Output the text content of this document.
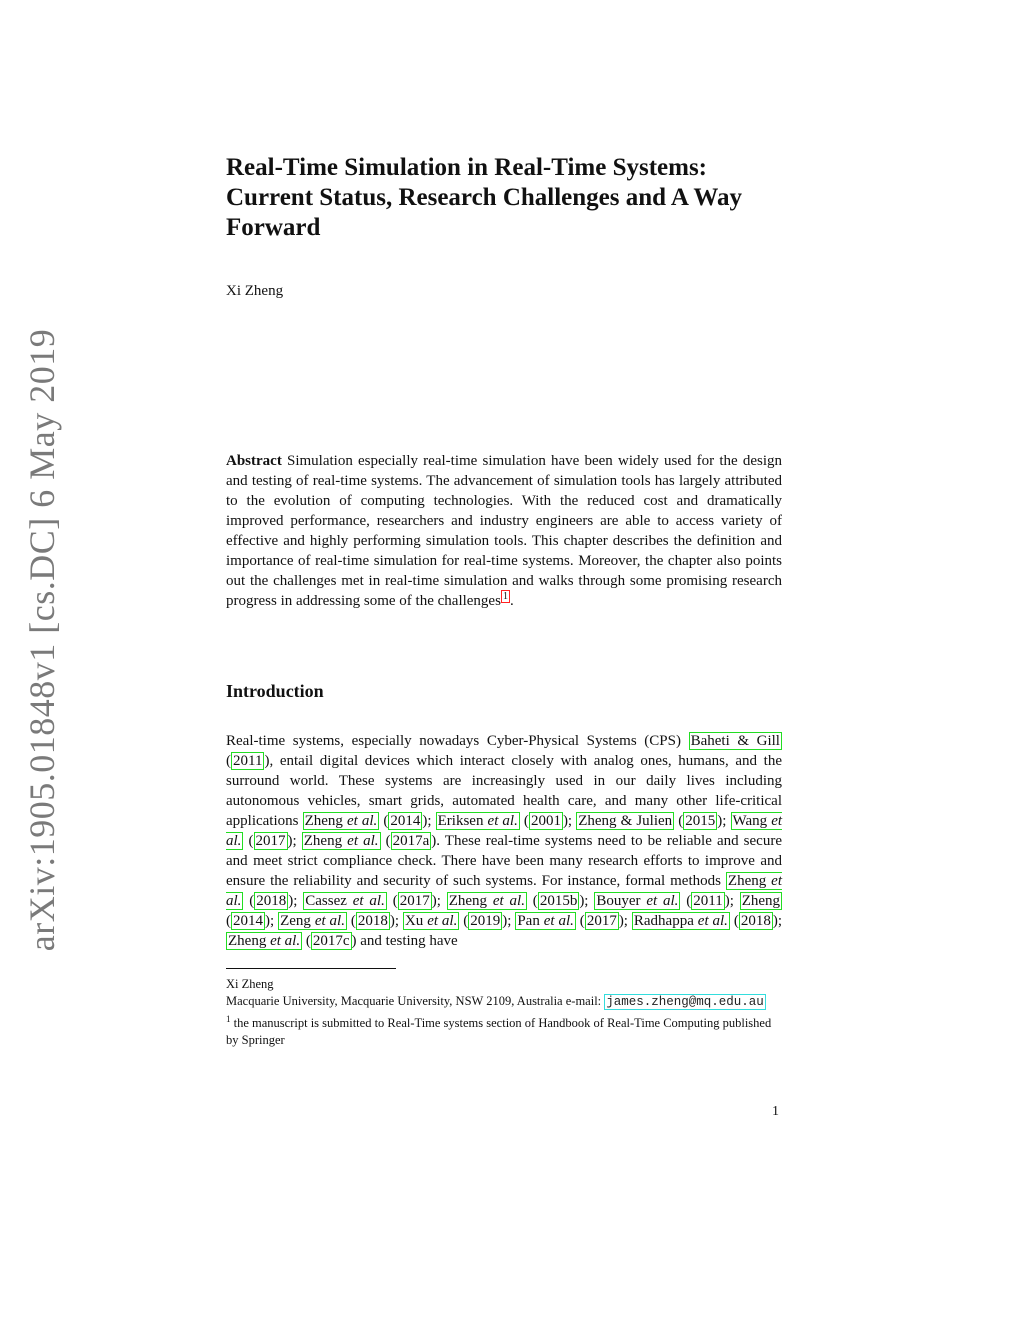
arXiv:1905.01848v1 [cs.DC] 6 May 2019
Real-Time Simulation in Real-Time Systems:
Current Status, Research Challenges and A Way
Forward
Xi Zheng
Abstract Simulation especially real-time simulation have been widely used for the design and testing of real-time systems. The advancement of simulation tools has largely attributed to the evolution of computing technologies. With the reduced cost and dramatically improved performance, researchers and industry engineers are able to access variety of effective and highly performing simulation tools. This chapter describes the definition and importance of real-time simulation for real-time systems. Moreover, the chapter also points out the challenges met in real-time simulation and walks through some promising research progress in addressing some of the challenges $^1$ .
Introduction
Real-time systems, especially nowadays Cyber-Physical Systems (CPS) Baheti & Gill ( 2011 ), entail digital devices which interact closely with analog ones, humans, and the surround world. These systems are increasingly used in our daily lives including autonomous vehicles, smart grids, automated health care, and many other life-critical applications Zheng et al. ( 2014 ); Eriksen et al. ( 2001 ); Zheng & Julien ( 2015 ); Wang et al. ( 2017 ); Zheng et al. ( 2017a ). These real-time systems need to be reliable and secure and meet strict compliance check. There have been many research efforts to improve and ensure the reliability and security of such systems. For instance, formal methods Zheng et al. ( 2018 ); Cassez et al. ( 2017 ); Zheng et al. ( 2015b ); Bouyer et al. ( 2011 ); Zheng ( 2014 ); Zeng et al. ( 2018 ); Xu et al. ( 2019 ); Pan et al. ( 2017 ); Radhappa et al. ( 2018 ); Zheng et al. ( 2017c ) and testing have

Xi Zheng

Macquarie University, Macquarie University, NSW 2109, Australia e-mail: james.zheng@mq.edu.au

$^1$ the manuscript is submitted to Real-Time systems section of Handbook of Real-Time Computing published by Springer

1
